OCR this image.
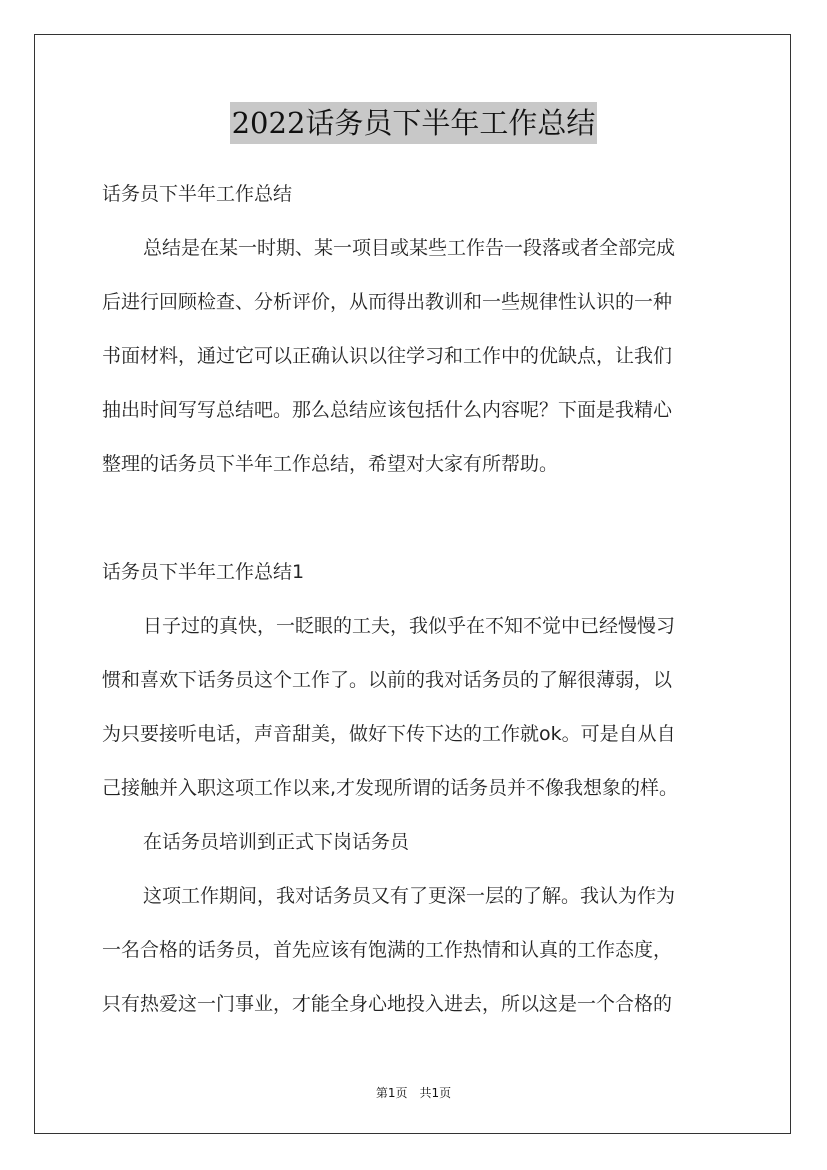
2022话务员下半年工作总结
话务员下半年工作总结
总结是在某一时期、某一项目或某些工作告一段落或者全部完成
后进行回顾检查、分析评价，从而得出教训和一些规律性认识的一种
书面材料，通过它可以正确认识以往学习和工作中的优缺点，让我们
抽出时间写写总结吧。那么总结应该包括什么内容呢？下面是我精心
整理的话务员下半年工作总结，希望对大家有所帮助。
话务员下半年工作总结1
日子过的真快，一眨眼的工夫，我似乎在不知不觉中已经慢慢习
惯和喜欢下话务员这个工作了。以前的我对话务员的了解很薄弱，以
为只要接听电话，声音甜美，做好下传下达的工作就ok。可是自从自
己接触并入职这项工作以来,才发现所谓的话务员并不像我想象的样。
在话务员培训到正式下岗话务员
这项工作期间，我对话务员又有了更深一层的了解。我认为作为
一名合格的话务员，首先应该有饱满的工作热情和认真的工作态度，
只有热爱这一门事业，才能全身心地投入进去，所以这是一个合格的
第1页　共1页
